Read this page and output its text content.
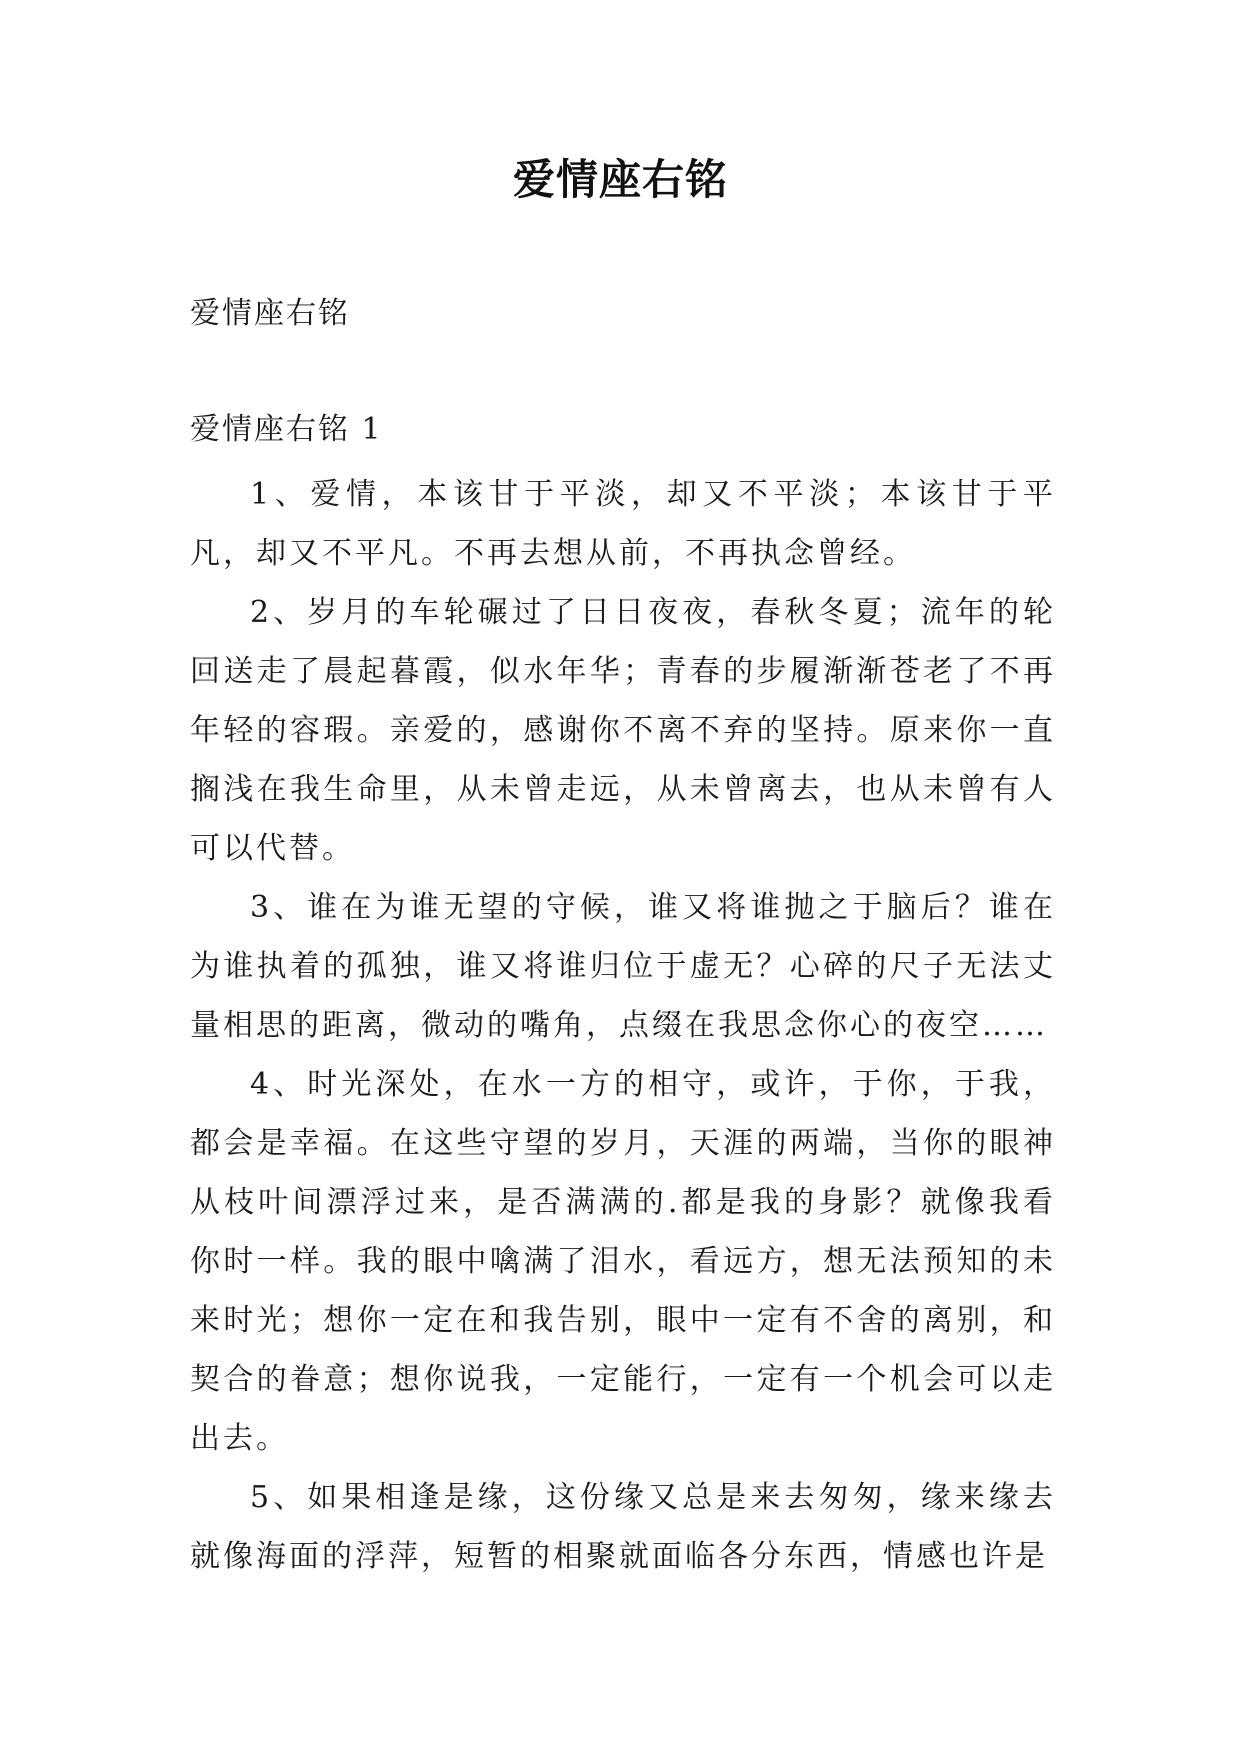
爱情座右铭

爱情座右铭

爱情座右铭 1

1、爱情，本该甘于平淡，却又不平淡；本该甘于平凡，却又不平凡。不再去想从前，不再执念曾经。

2、岁月的车轮碾过了日日夜夜，春秋冬夏；流年的轮回送走了晨起暮霞，似水年华；青春的步履渐渐苍老了不再年轻的容瑕。亲爱的，感谢你不离不弃的坚持。原来你一直搁浅在我生命里，从未曾走远，从未曾离去，也从未曾有人可以代替。

3、谁在为谁无望的守候，谁又将谁抛之于脑后？谁在为谁执着的孤独，谁又将谁归位于虚无？心碎的尺子无法丈量相思的距离，微动的嘴角，点缀在我思念你心的夜空……

4、时光深处，在水一方的相守，或许，于你，于我，都会是幸福。在这些守望的岁月，天涯的两端，当你的眼神从枝叶间漂浮过来，是否满满的.都是我的身影？就像我看你时一样。我的眼中噙满了泪水，看远方，想无法预知的未来时光；想你一定在和我告别，眼中一定有不舍的离别，和契合的眷意；想你说我，一定能行，一定有一个机会可以走出去。

5、如果相逢是缘，这份缘又总是来去匆匆，缘来缘去就像海面的浮萍，短暂的相聚就面临各分东西，情感也许是
